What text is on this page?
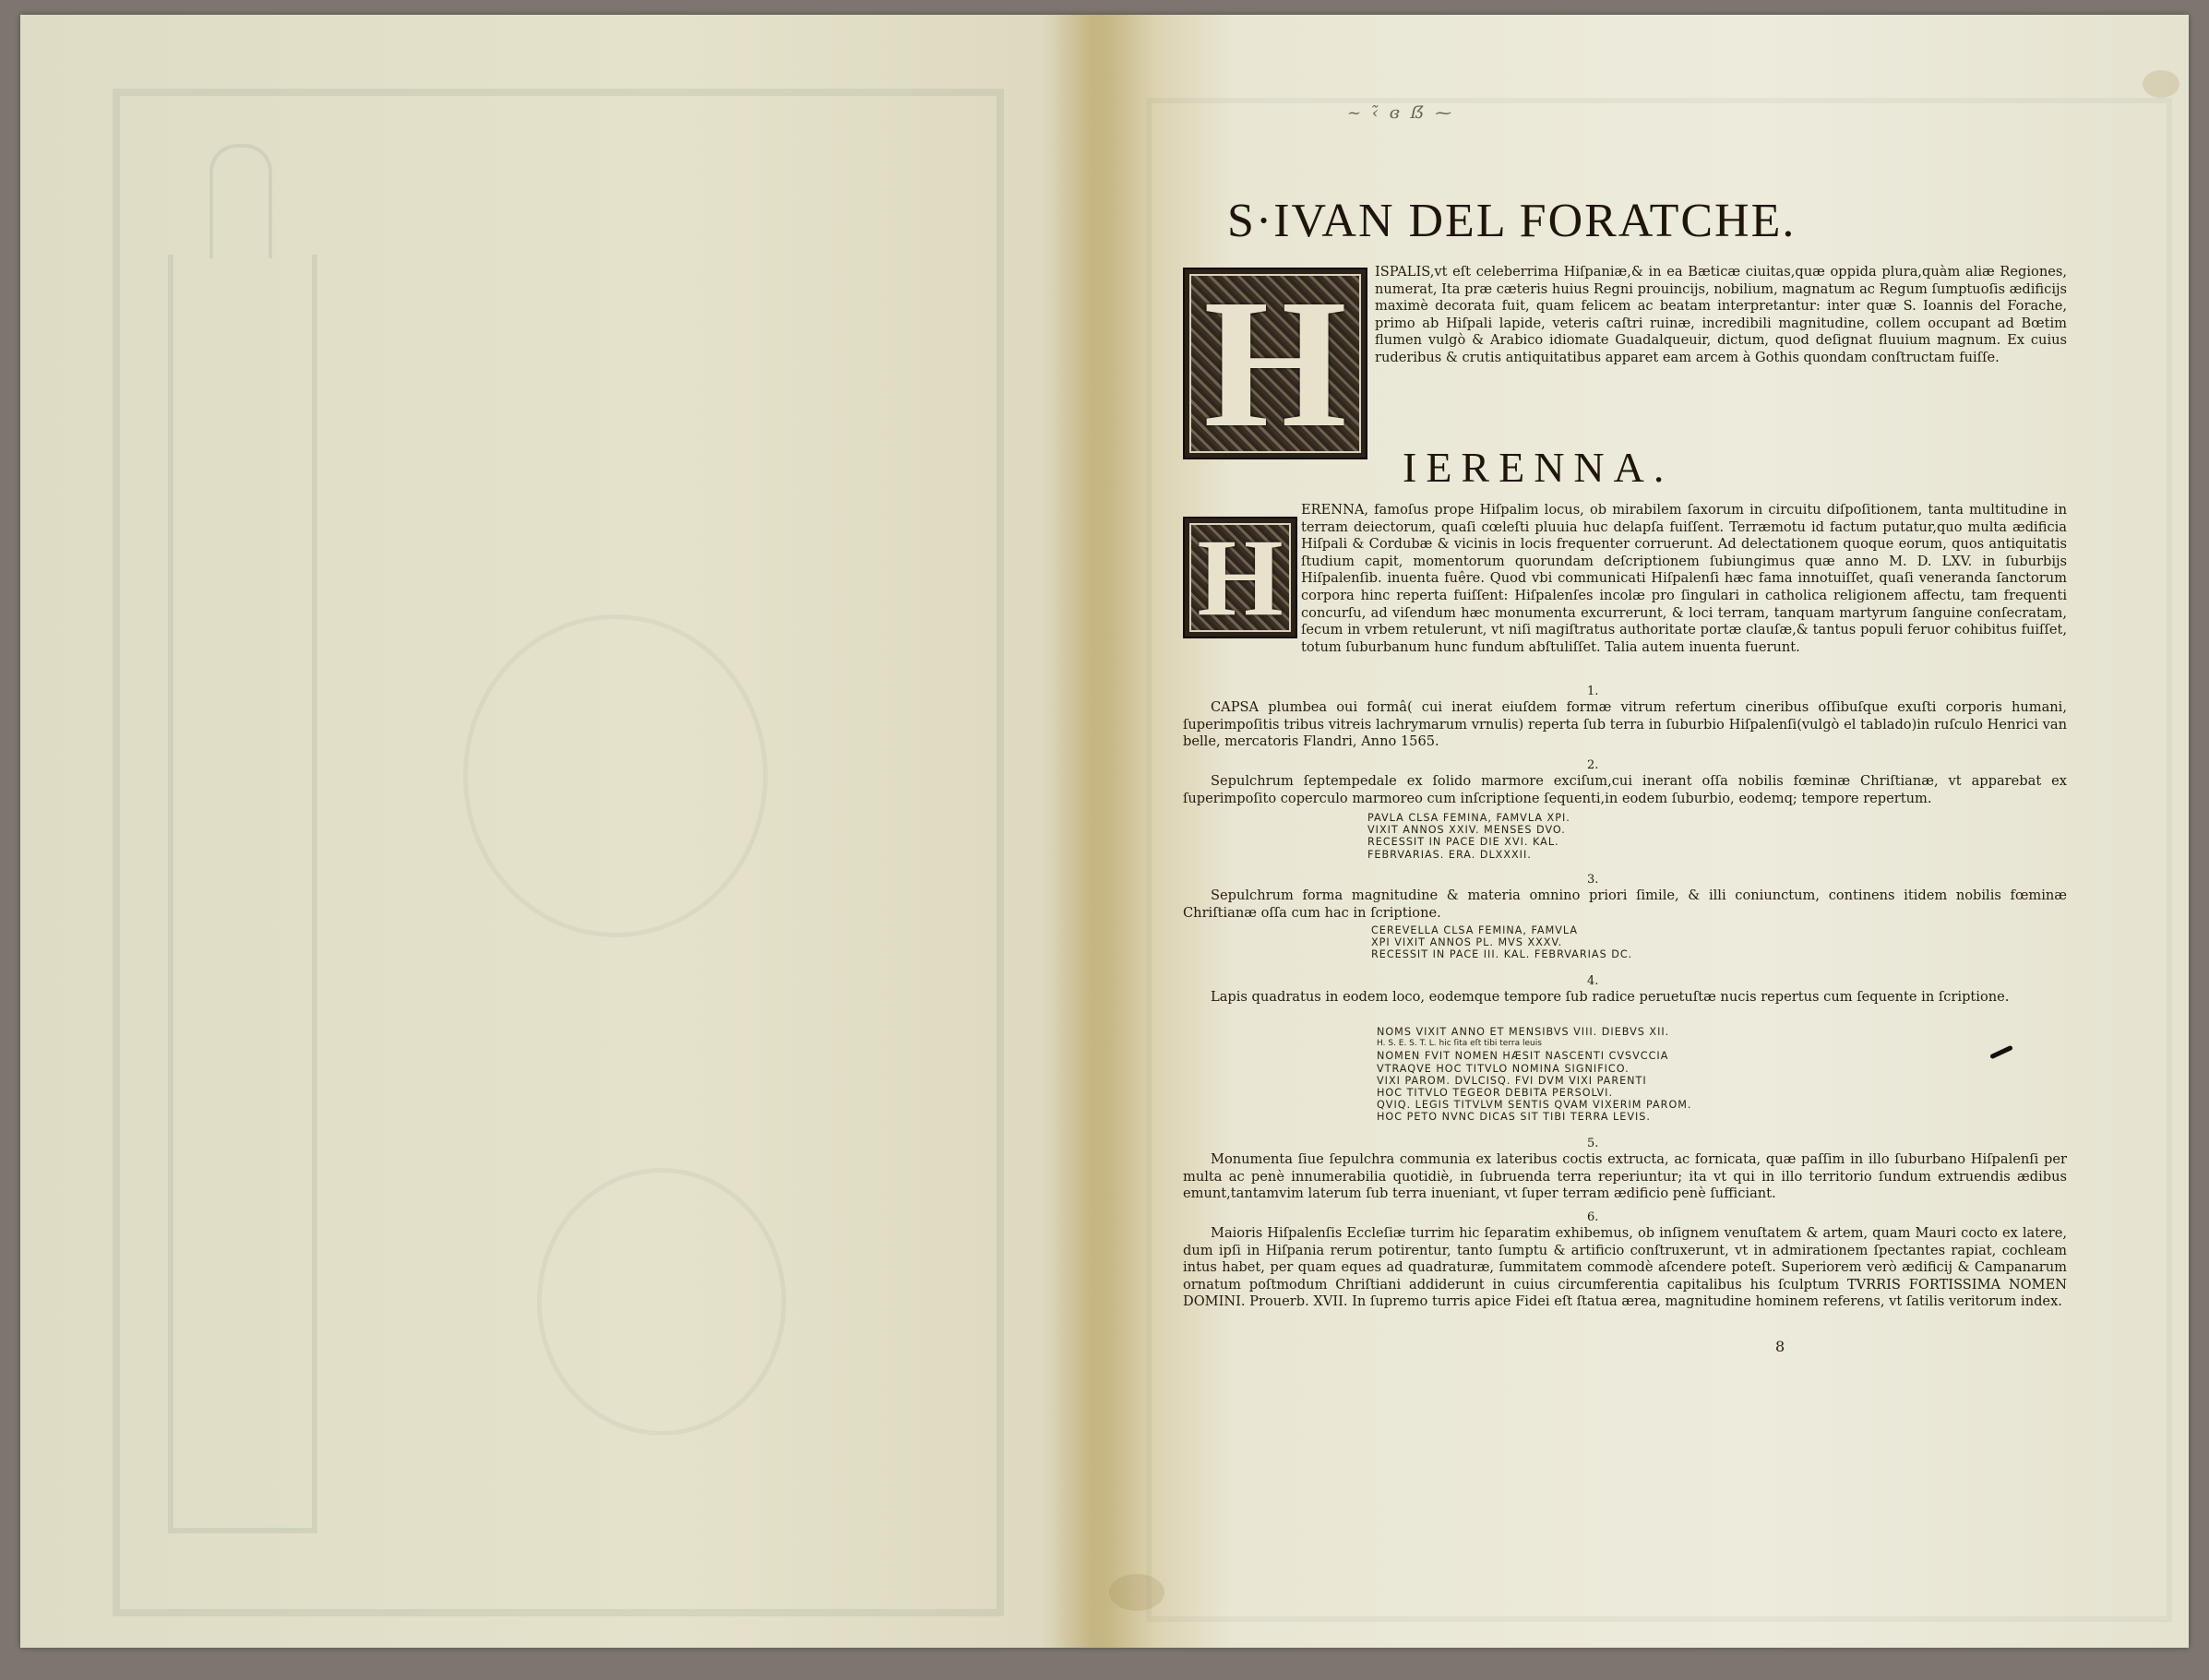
~ ‹̃ ɞ ẞ ⁓
S·IVAN DEL FORATCHE.
H	ISPALIS,vt eſt celeberrima Hiſpaniæ,& in ea Bæticæ ciuitas,quæ oppida plura,quàm aliæ Regiones, numerat, Ita præ cæteris huius Regni prouincijs, nobilium, magnatum ac Regum ſumptuoſis ædificijs maximè decorata fuit, quam felicem ac beatam interpretantur: inter quæ S. Ioannis del Forache, primo ab Hiſpali lapide, veteris caſtri ruinæ, incredibili magnitudine, collem occupant ad Bœtim flumen vulgò & Arabico idiomate Guadalqueuir, dictum, quod deſignat fluuium magnum. Ex cuius ruderibus & crutis antiquitatibus apparet eam arcem à Gothis quondam conſtructam fuiſſe.
IERENNA.
H
ERENNA, famoſus prope Hiſpalim locus, ob mirabilem ſaxorum in circuitu diſpoſitionem, tanta multitudine in terram deiectorum, quaſi cœleſti pluuia huc delapſa fuiſſent. Terræmotu id factum putatur,quo multa ædificia Hiſpali & Cordubæ & vicinis in locis frequenter corruerunt. Ad delectationem quoque eorum, quos antiquitatis ſtudium capit, momentorum quorundam deſcriptionem ſubiungimus quæ anno M. D. LXV. in ſuburbijs Hiſpalenſib. inuenta fuêre. Quod vbi communicati Hiſpalenſi hæc fama innotuiſſet, quaſi veneranda ſanctorum corpora hinc reperta fuiſſent: Hiſpalenſes incolæ pro ſingulari in catholica religionem affectu, tam frequenti concurſu, ad viſendum hæc monumenta excurrerunt, & loci terram, tanquam martyrum ſanguine conſecratam, ſecum in vrbem retulerunt, vt niſi magiſtratus authoritate portæ clauſæ,& tantus populi feruor cohibitus fuiſſet, totum ſuburbanum hunc fundum abſtuliſſet. Talia autem inuenta fuerunt.
1.
CAPSA plumbea oui formâ( cui inerat eiuſdem formæ vitrum refertum cineribus oſſibuſque exuſti corporis humani, ſuperimpoſitis tribus vitreis lachrymarum vrnulis) reperta ſub terra in ſuburbio Hiſpalenſi(vulgò el tablado)in ruſculo Henrici van belle, mercatoris Flandri, Anno 1565.
2.
Sepulchrum ſeptempedale ex ſolido marmore exciſum,cui inerant oſſa nobilis fœminæ Chriſtianæ, vt apparebat ex ſuperimpoſito coperculo marmoreo cum inſcriptione ſequenti,in eodem ſuburbio, eodemq; tempore repertum.
PAVLA CLSA FEMINA, FAMVLA XPI.
VIXIT ANNOS XXIV. MENSES DVO.
RECESSIT IN PACE DIE XVI. KAL.
FEBRVARIAS. ERA. DLXXXII.
3.
Sepulchrum forma magnitudine & materia omnino priori ſimile, & illi coniunctum, continens itidem nobilis fœminæ Chriſtianæ oſſa cum hac in ſcriptione.
CEREVELLA CLSA FEMINA, FAMVLA
XPI VIXIT ANNOS PL. MVS XXXV.
RECESSIT IN PACE III. KAL. FEBRVARIAS DC.
4.
Lapis quadratus in eodem loco, eodemque tempore ſub radice peruetuſtæ nucis repertus cum ſequente in ſcriptione.
NOMS VIXIT ANNO ET MENSIBVS VIII. DIEBVS XII.
H. S. E. S. T. L. hic ſita eſt tibi terra leuis
NOMEN FVIT NOMEN HÆSIT NASCENTI CVSVCCIA
VTRAQVE HOC TITVLO NOMINA SIGNIFICO.
VIXI PAROM. DVLCISQ. FVI DVM VIXI PARENTI
HOC TITVLO TEGEOR DEBITA PERSOLVI.
QVIQ. LEGIS TITVLVM SENTIS QVAM VIXERIM PAROM.
HOC PETO NVNC DICAS SIT TIBI TERRA LEVIS.
5.
Monumenta ſiue ſepulchra communia ex lateribus coctis extructa, ac fornicata, quæ paſſim in illo ſuburbano Hiſpalenſi per multa ac penè innumerabilia quotidiè, in ſubruenda terra reperiuntur; ita vt qui in illo territorio ſundum extruendis ædibus emunt,tantamvim laterum ſub terra inueniant, vt ſuper terram ædificio penè ſufficiant.
6.
Maioris Hiſpalenſis Eccleſiæ turrim hic ſeparatim exhibemus, ob inſignem venuſtatem & artem, quam Mauri cocto ex latere, dum ipſi in Hiſpania rerum potirentur, tanto ſumptu & artificio conſtruxerunt, vt in admirationem ſpectantes rapiat, cochleam intus habet, per quam eques ad quadraturæ, ſummitatem commodè aſcendere poteſt. Superiorem verò ædificij & Campanarum ornatum poſtmodum Chriſtiani addiderunt in cuius circumferentia capitalibus his ſculptum TVRRIS FORTISSIMA NOMEN DOMINI. Prouerb. XVII. In ſupremo turris apice Fidei eſt ſtatua ærea, magnitudine hominem referens, vt ſatilis veritorum index.
8
